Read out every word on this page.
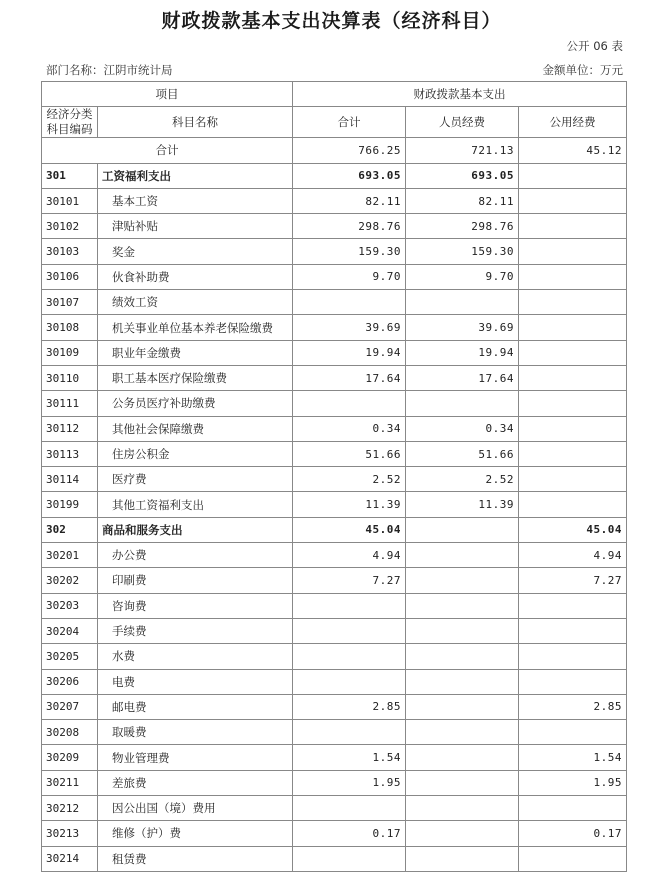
财政拨款基本支出决算表（经济科目）
公开 06 表
部门名称：江阴市统计局	金额单位：万元
项目		财政拨款基本支出		
经济分类
科目编码	科目名称	合计	人员经费	公用经费
合计		766.25	721.13	45.12
301	工资福利支出	693.05	693.05	
30101	基本工资	82.11	82.11	
30102	津贴补贴	298.76	298.76	
30103	奖金	159.30	159.30	
30106	伙食补助费	9.70	9.70	
30107	绩效工资			
30108	机关事业单位基本养老保险缴费	39.69	39.69	
30109	职业年金缴费	19.94	19.94	
30110	职工基本医疗保险缴费	17.64	17.64	
30111	公务员医疗补助缴费			
30112	其他社会保障缴费	0.34	0.34	
30113	住房公积金	51.66	51.66	
30114	医疗费	2.52	2.52	
30199	其他工资福利支出	11.39	11.39	
302	商品和服务支出	45.04		45.04
30201	办公费	4.94		4.94
30202	印刷费	7.27		7.27
30203	咨询费			
30204	手续费			
30205	水费			
30206	电费			
30207	邮电费	2.85		2.85
30208	取暖费			
30209	物业管理费	1.54		1.54
30211	差旅费	1.95		1.95
30212	因公出国（境）费用			
30213	维修（护）费	0.17		0.17
30214	租赁费			
